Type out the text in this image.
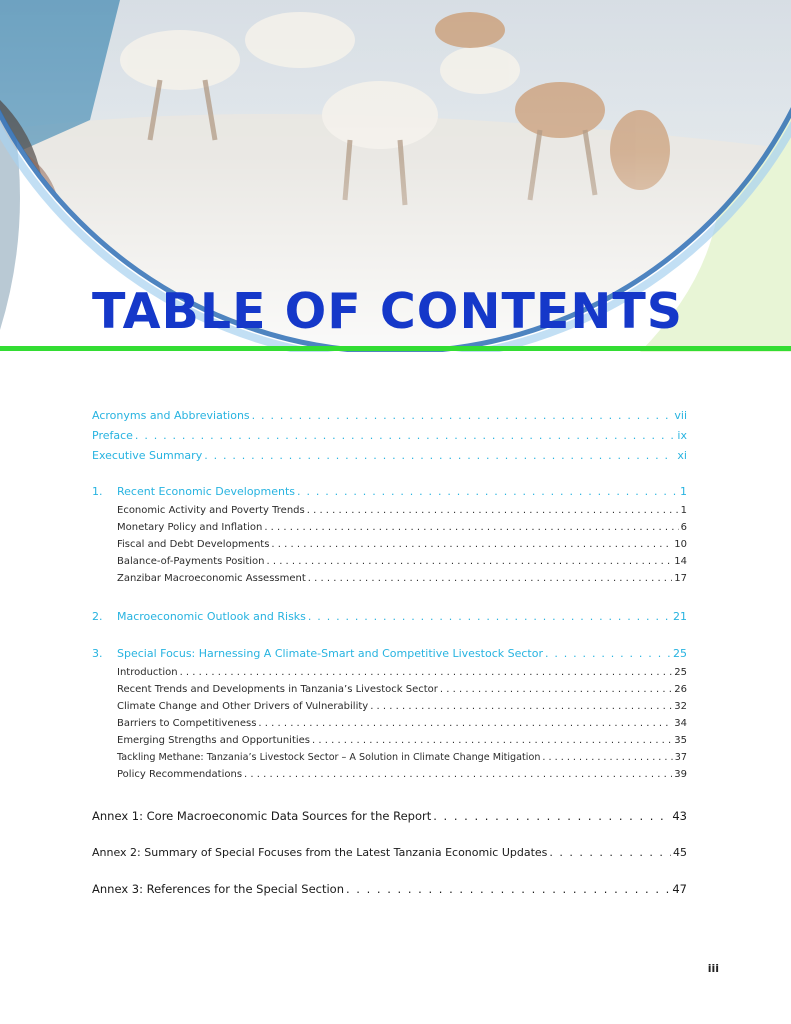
TABLE OF CONTENTS
Acronyms and Abbreviations . . .	vii
Preface . . .	ix
Executive Summary . . .	xi
1. Recent Economic Developments . . .	1
Economic Activity and Poverty Trends . . .	1
Monetary Policy and Inflation . . .	6
Fiscal and Debt Developments . . .	10
Balance-of-Payments Position . . .	14
Zanzibar Macroeconomic Assessment . . .	17
2. Macroeconomic Outlook and Risks . . .	21
3. Special Focus: Harnessing A Climate-Smart and Competitive Livestock Sector . . .	25
Introduction . . .	25
Recent Trends and Developments in Tanzania’s Livestock Sector . . .	26
Climate Change and Other Drivers of Vulnerability . . .	32
Barriers to Competitiveness . . .	34
Emerging Strengths and Opportunities . . .	35
Tackling Methane: Tanzania’s Livestock Sector – A Solution in Climate Change Mitigation . . .	37
Policy Recommendations . . .	39
Annex 1: Core Macroeconomic Data Sources for the Report . . .	43
Annex 2: Summary of Special Focuses from the Latest Tanzania Economic Updates . . .	45
Annex 3: References for the Special Section . . .	47
iii
